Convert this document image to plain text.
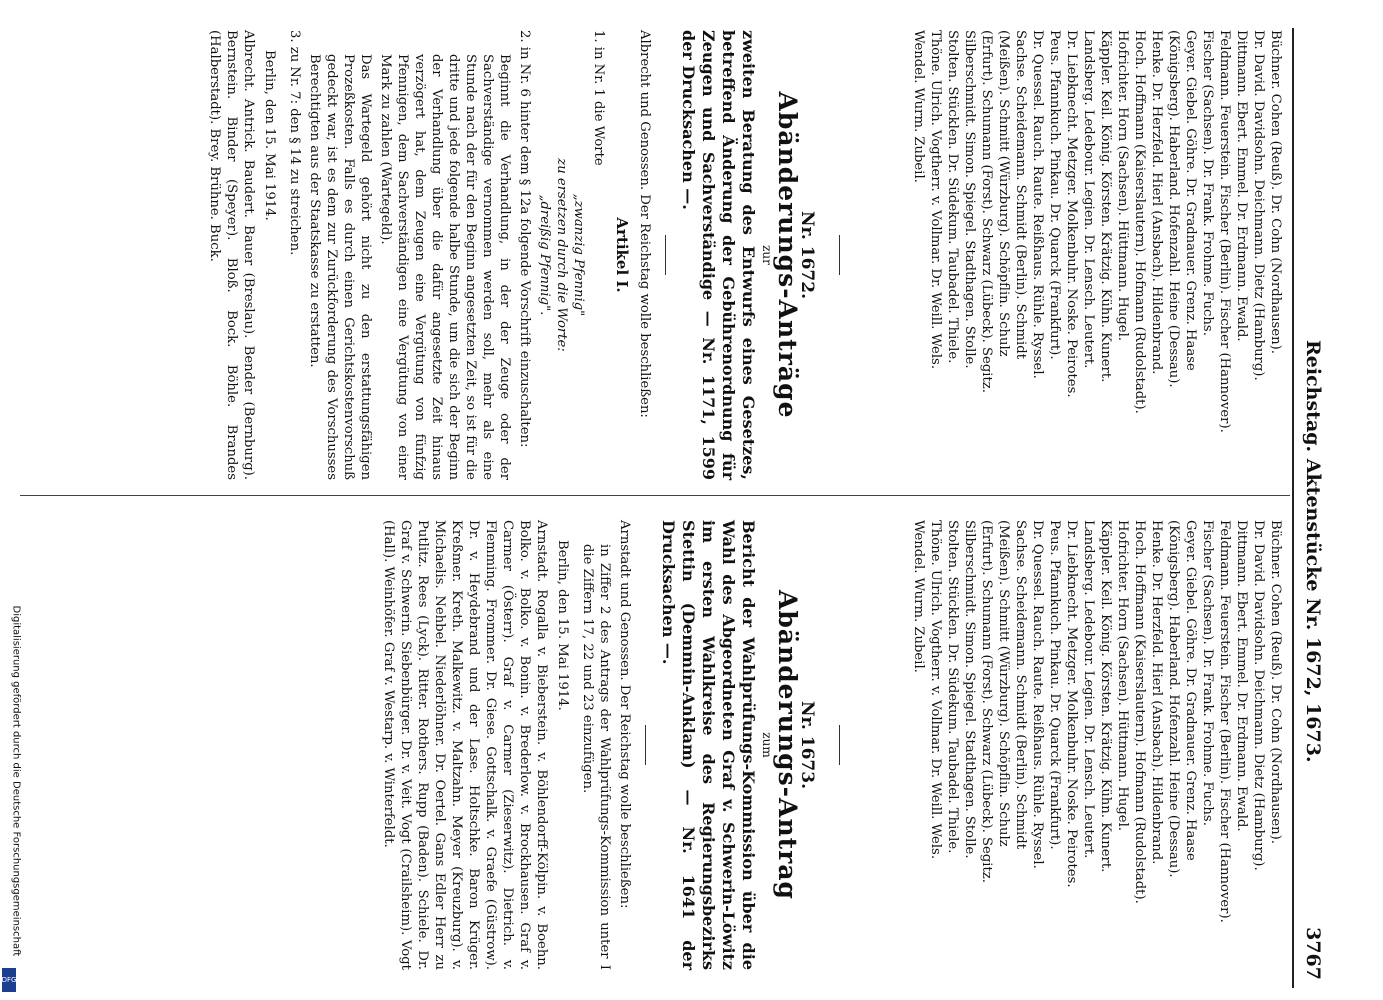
Reichstag. Aktenstücke Nr. 1672, 1673.
3767
Büchner. Cohen (Reuß). Dr. Cohn (Nordhausen).
Dr. David. Davidsohn. Deichmann. Dietz (Hamburg).
Dittmann. Ebert. Emmel. Dr. Erdmann. Ewald.
Feldmann. Feuerstein. Fischer (Berlin). Fischer (Hannover).
Fischer (Sachsen). Dr. Frank. Frohme. Fuchs.
Geyer. Giebel. Göhre. Dr. Gradnauer. Grenz. Haase
(Königsberg). Haberland. Hofenzahl. Heine (Dessau).
Henke. Dr. Herzfeld. Hierl (Ansbach). Hildenbrand.
Hoch. Hoffmann (Kaiserslautern). Hofmann (Rudolstadt).
Hofrichter. Horn (Sachsen). Hüttmann. Hugel.
Käppler. Keil. König. Körsten. Krätzig. Kühn. Kunert.
Landsberg. Ledebour. Legien. Dr. Lensch. Leutert.
Dr. Liebknecht. Metzger. Molkenbuhr. Noske. Peirotes.
Peus. Pfannkuch. Pinkau. Dr. Quarck (Frankfurt).
Dr. Quessel. Rauch. Raute. Reißhaus. Rühle. Ryssel.
Sachse. Scheidemann. Schmidt (Berlin). Schmidt
(Meißen). Schmitt (Würzburg). Schöpflin. Schulz
(Erfurt). Schumann (Forst). Schwarz (Lübeck). Segitz.
Silberschmidt. Simon. Spiegel. Stadthagen. Stolle.
Stolten. Stücklen. Dr. Südekum. Taubadel. Thiele.
Thöne. Ulrich. Vogtherr. v. Vollmar. Dr. Weill. Wels.
Wendel. Wurm. Zubeil.
Nr. 1672.
Abänderungs-Anträge
zur
zweiten Beratung des Entwurfs eines Gesetzes, betreffend Änderung der Gebührenordnung für Zeugen und Sachverständige — Nr. 1171, 1599 der Drucksachen —.

Albrecht und Genossen. Der Reichstag wolle beschließen:

Artikel I.

1. in Nr. 1 die Worte

„zwanzig Pfennig"
zu ersetzen durch die Worte:
„dreißig Pfennig".

2. in Nr. 6 hinter dem § 12a folgende Vorschrift einzuschalten:

Beginnt die Verhandlung, in der der Zeuge oder der Sachverständige vernommen werden soll, mehr als eine Stunde nach der für den Beginn angesetzten Zeit, so ist für die dritte und jede folgende halbe Stunde, um die sich der Beginn der Verhandlung über die dafür angesetzte Zeit hinaus verzögert hat, dem Zeugen eine Vergütung von fünfzig Pfennigen, dem Sachverständigen eine Vergütung von einer Mark zu zahlen (Wartegeld).

Das Wartegeld gehört nicht zu den erstattungsfähigen Prozeßkosten. Falls es durch einen Gerichtskostenvorschuß gedeckt war, ist es dem zur Zurückforderung des Vorschusses Berechtigten aus der Staatskasse zu erstatten.

3. zu Nr. 7: den § 14 zu streichen.

Berlin, den 15. Mai 1914.
Albrecht. Antrick. Baudert. Bauer (Breslau). Bender (Bernburg). Bernstein. Binder (Speyer). Bloß. Bock. Böhle. Brandes (Halberstadt). Brey. Brühne. Buck.
Büchner. Cohen (Reuß). Dr. Cohn (Nordhausen).
Dr. David. Davidsohn. Deichmann. Dietz (Hamburg).
Dittmann. Ebert. Emmel. Dr. Erdmann. Ewald.
Feldmann. Feuerstein. Fischer (Berlin). Fischer (Hannover).
Fischer (Sachsen). Dr. Frank. Frohme. Fuchs.
Geyer. Giebel. Göhre. Dr. Gradnauer. Grenz. Haase
(Königsberg). Haberland. Hofenzahl. Heine (Dessau).
Henke. Dr. Herzfeld. Hierl (Ansbach). Hildenbrand.
Hoch. Hoffmann (Kaiserslautern). Hofmann (Rudolstadt).
Hofrichter. Horn (Sachsen). Hüttmann. Hugel.
Käppler. Keil. König. Körsten. Krätzig. Kühn. Kunert.
Landsberg. Ledebour. Legien. Dr. Lensch. Leutert.
Dr. Liebknecht. Metzger. Molkenbuhr. Noske. Peirotes.
Peus. Pfannkuch. Pinkau. Dr. Quarck (Frankfurt).
Dr. Quessel. Rauch. Raute. Reißhaus. Rühle. Ryssel.
Sachse. Scheidemann. Schmidt (Berlin). Schmidt
(Meißen). Schmitt (Würzburg). Schöpflin. Schulz
(Erfurt). Schumann (Forst). Schwarz (Lübeck). Segitz.
Silberschmidt. Simon. Spiegel. Stadthagen. Stolle.
Stolten. Stücklen. Dr. Südekum. Taubadel. Thiele.
Thöne. Ulrich. Vogtherr. v. Vollmar. Dr. Weill. Wels.
Wendel. Wurm. Zubeil.
Nr. 1673.
Abänderungs-Antrag
zum
Bericht der Wahlprüfungs-Kommission über die Wahl des Abgeordneten Graf v. Schwerin-Löwitz im ersten Wahlkreise des Regierungsbezirks Stettin (Demmin-Anklam) — Nr. 1641 der Drucksachen —.

Arnstadt und Genossen. Der Reichstag wolle beschließen:

in Ziffer 2 des Antrags der Wahlprüfungs-Kommission unter I die Ziffern 17, 22 und 23 einzufügen.

Berlin, den 15. Mai 1914.
Arnstadt. Rogalla v. Bieberstein. v. Böhlendorff-Kölpin. v. Boehn. Bolko. v. Bolko. v. Bonin. v. Brederlow. v. Brockhausen. Graf v. Carmer (Österr). Graf v. Carmer (Zieserwitz). Dietrich. v. Flemming. Frommer. Dr. Giese. Gottschalk. v. Graefe (Güstrow). Dr. v. Heydebrand und der Lase. Holtschke. Baron Krüger. Kreßmer. Kreth. Malkewitz. v. Maltzahn. Meyer (Kreuzburg). v. Michaelis. Nehbel. Niederlöhner. Dr. Oertel. Gans Edler Herr zu Putlitz. Rees (Lyck). Ritter. Rothers. Rupp (Baden). Schiele. Dr. Graf v. Schwerin. Siebenbürger. Dr. v. Veit. Vogt (Crailsheim). Vogt (Hall). Weinhöfer. Graf v. Westarp. v. Winterfeldt.
Digitalisierung gefördert durch die Deutsche Forschungsgemeinschaft
DFG
